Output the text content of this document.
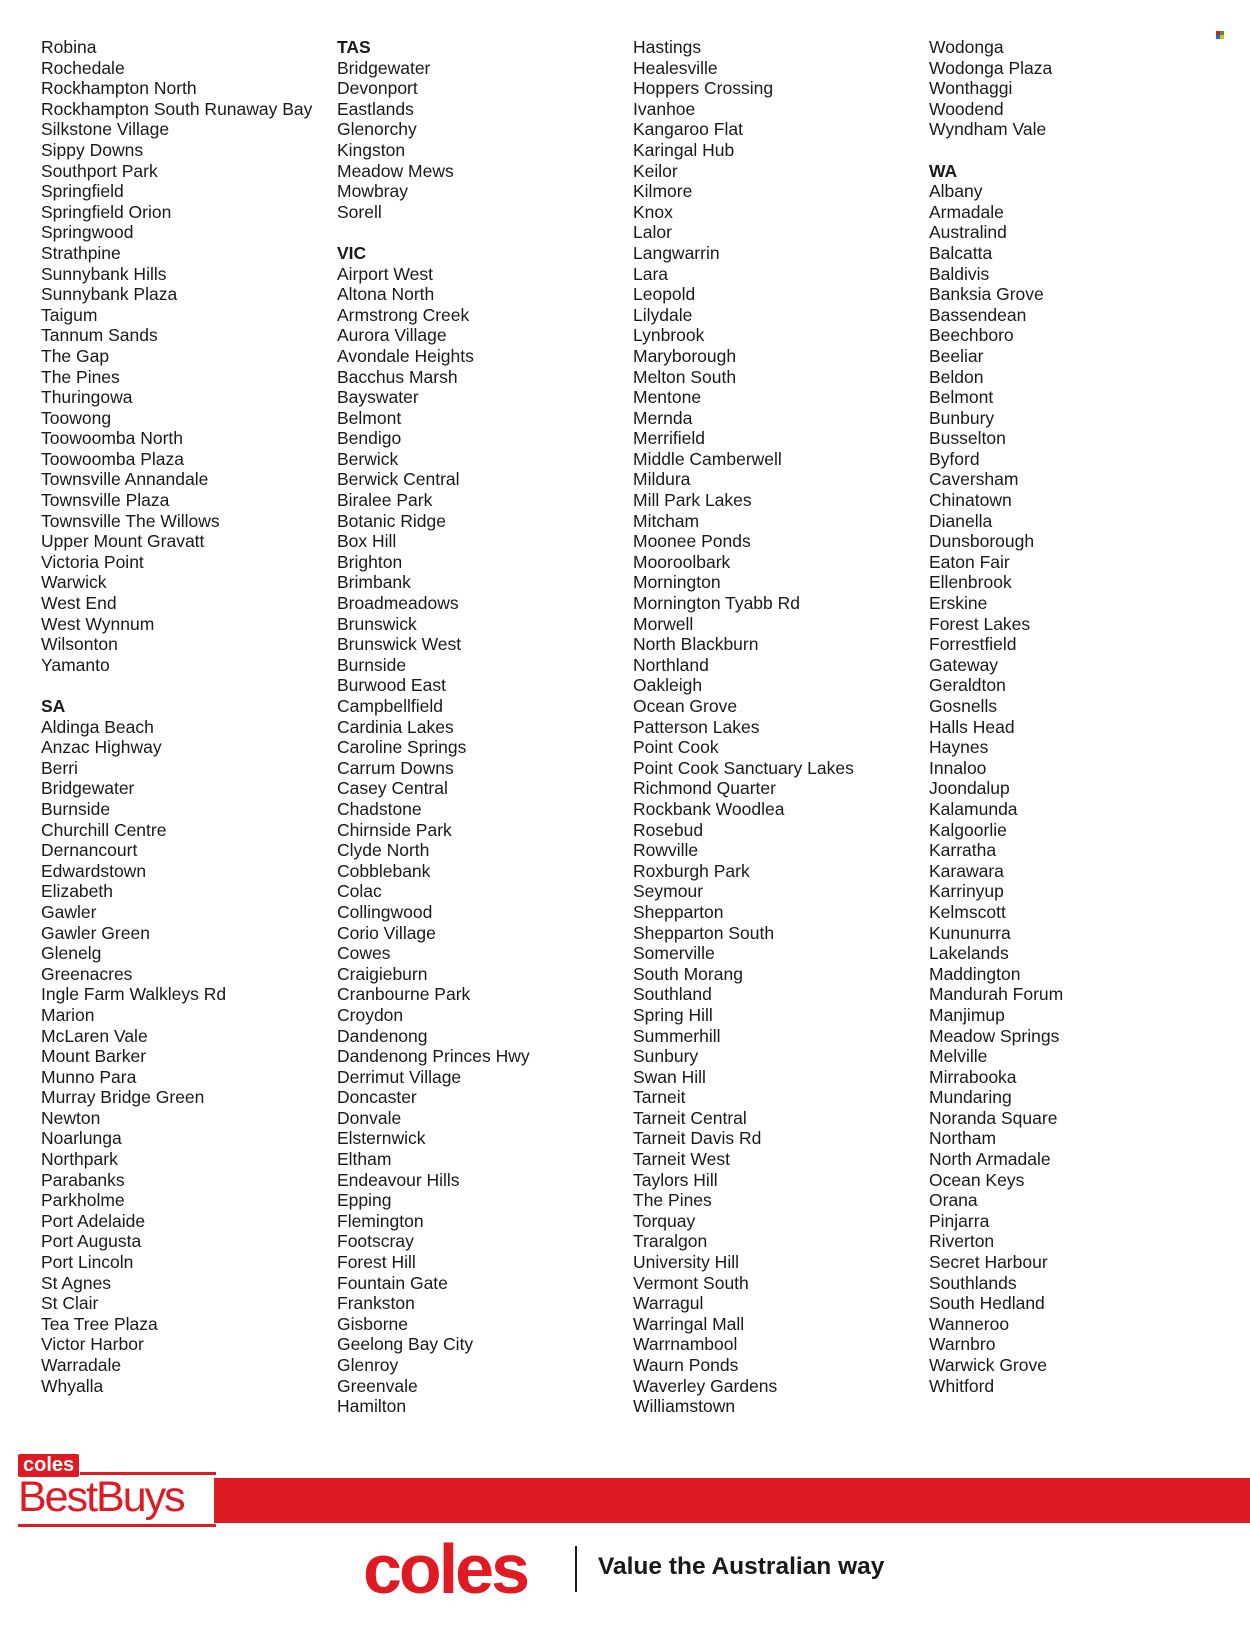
Robina
Rochedale
Rockhampton North
Rockhampton South Runaway Bay
Silkstone Village
Sippy Downs
Southport Park
Springfield
Springfield Orion
Springwood
Strathpine
Sunnybank Hills
Sunnybank Plaza
Taigum
Tannum Sands
The Gap
The Pines
Thuringowa
Toowong
Toowoomba North
Toowoomba Plaza
Townsville Annandale
Townsville Plaza
Townsville The Willows
Upper Mount Gravatt
Victoria Point
Warwick
West End
West Wynnum
Wilsonton
Yamanto
SA
Aldinga Beach
Anzac Highway
Berri
Bridgewater
Burnside
Churchill Centre
Dernancourt
Edwardstown
Elizabeth
Gawler
Gawler Green
Glenelg
Greenacres
Ingle Farm Walkleys Rd
Marion
McLaren Vale
Mount Barker
Munno Para
Murray Bridge Green
Newton
Noarlunga
Northpark
Parabanks
Parkholme
Port Adelaide
Port Augusta
Port Lincoln
St Agnes
St Clair
Tea Tree Plaza
Victor Harbor
Warradale
Whyalla
TAS
Bridgewater
Devonport
Eastlands
Glenorchy
Kingston
Meadow Mews
Mowbray
Sorell
VIC
Airport West
Altona North
Armstrong Creek
Aurora Village
Avondale Heights
Bacchus Marsh
Bayswater
Belmont
Bendigo
Berwick
Berwick Central
Biralee Park
Botanic Ridge
Box Hill
Brighton
Brimbank
Broadmeadows
Brunswick
Brunswick West
Burnside
Burwood East
Campbellfield
Cardinia Lakes
Caroline Springs
Carrum Downs
Casey Central
Chadstone
Chirnside Park
Clyde North
Cobblebank
Colac
Collingwood
Corio Village
Cowes
Craigieburn
Cranbourne Park
Croydon
Dandenong
Dandenong Princes Hwy
Derrimut Village
Doncaster
Donvale
Elsternwick
Eltham
Endeavour Hills
Epping
Flemington
Footscray
Forest Hill
Fountain Gate
Frankston
Gisborne
Geelong Bay City
Glenroy
Greenvale
Hamilton
Hastings
Healesville
Hoppers Crossing
Ivanhoe
Kangaroo Flat
Karingal Hub
Keilor
Kilmore
Knox
Lalor
Langwarrin
Lara
Leopold
Lilydale
Lynbrook
Maryborough
Melton South
Mentone
Mernda
Merrifield
Middle Camberwell
Mildura
Mill Park Lakes
Mitcham
Moonee Ponds
Mooroolbark
Mornington
Mornington Tyabb Rd
Morwell
North Blackburn
Northland
Oakleigh
Ocean Grove
Patterson Lakes
Point Cook
Point Cook Sanctuary Lakes
Richmond Quarter
Rockbank Woodlea
Rosebud
Rowville
Roxburgh Park
Seymour
Shepparton
Shepparton South
Somerville
South Morang
Southland
Spring Hill
Summerhill
Sunbury
Swan Hill
Tarneit
Tarneit Central
Tarneit Davis Rd
Tarneit West
Taylors Hill
The Pines
Torquay
Traralgon
University Hill
Vermont South
Warragul
Warringal Mall
Warrnambool
Waurn Ponds
Waverley Gardens
Williamstown
Wodonga
Wodonga Plaza
Wonthaggi
Woodend
Wyndham Vale
WA
Albany
Armadale
Australind
Balcatta
Baldivis
Banksia Grove
Bassendean
Beechboro
Beeliar
Beldon
Belmont
Bunbury
Busselton
Byford
Caversham
Chinatown
Dianella
Dunsborough
Eaton Fair
Ellenbrook
Erskine
Forest Lakes
Forrestfield
Gateway
Geraldton
Gosnells
Halls Head
Haynes
Innaloo
Joondalup
Kalamunda
Kalgoorlie
Karratha
Karawara
Karrinyup
Kelmscott
Kununurra
Lakelands
Maddington
Mandurah Forum
Manjimup
Meadow Springs
Melville
Mirrabooka
Mundaring
Noranda Square
Northam
North Armadale
Ocean Keys
Orana
Pinjarra
Riverton
Secret Harbour
Southlands
South Hedland
Wanneroo
Warnbro
Warwick Grove
Whitford
coles
BestBuys
coles	Value the Australian way
